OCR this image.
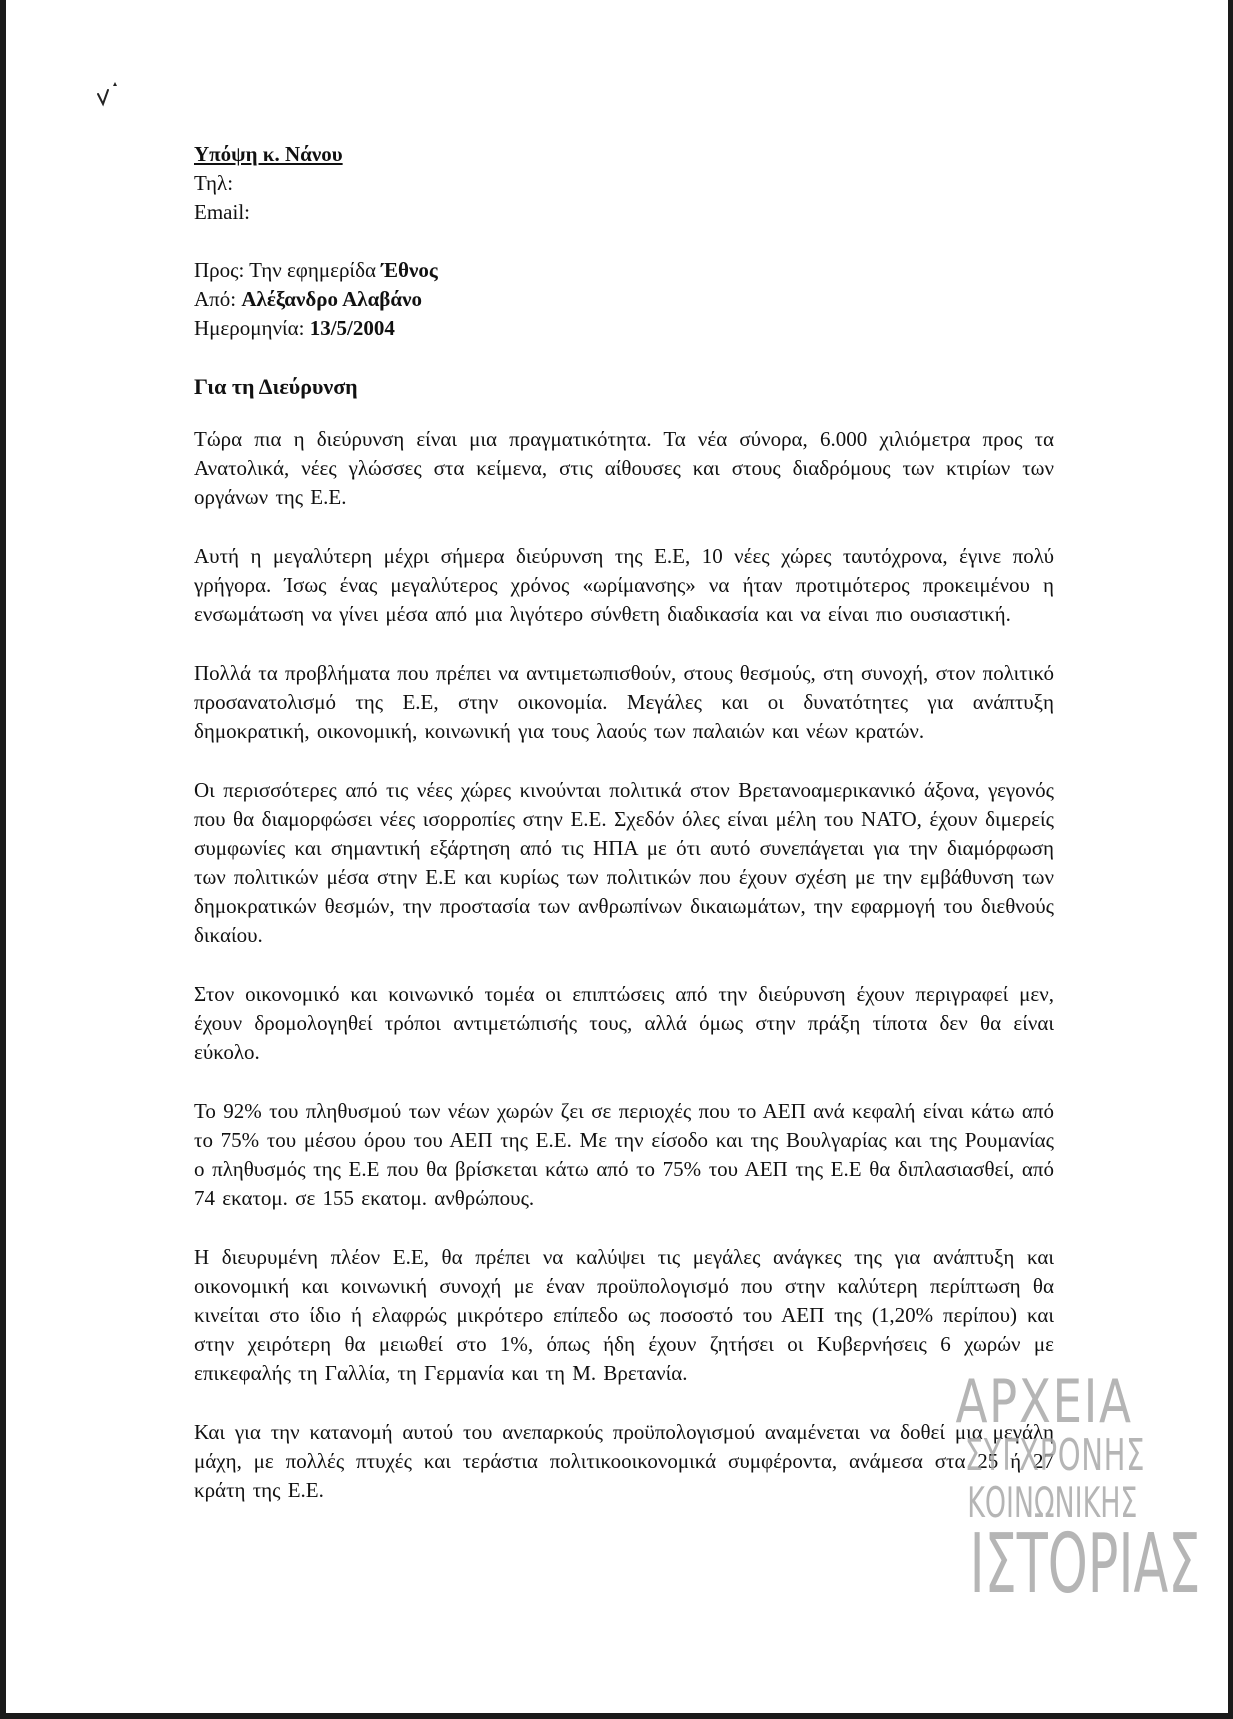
Υπόψη κ. Νάνου
Τηλ:
Email:
Προς: Την εφημερίδα Έθνος
Από: Αλέξανδρο Αλαβάνο
Ημερομηνία: 13/5/2004
Για τη Διεύρυνση

Τώρα πια η διεύρυνση είναι μια πραγματικότητα. Τα νέα σύνορα, 6.000 χιλιόμετρα προς τα Ανατολικά, νέες γλώσσες στα κείμενα, στις αίθουσες και στους διαδρόμους των κτιρίων των οργάνων της Ε.Ε.

Αυτή η μεγαλύτερη μέχρι σήμερα διεύρυνση της Ε.Ε, 10 νέες χώρες ταυτόχρονα, έγινε πολύ γρήγορα. Ίσως ένας μεγαλύτερος χρόνος «ωρίμανσης» να ήταν προτιμότερος προκειμένου η ενσωμάτωση να γίνει μέσα από μια λιγότερο σύνθετη διαδικασία και να είναι πιο ουσιαστική.

Πολλά τα προβλήματα που πρέπει να αντιμετωπισθούν, στους θεσμούς, στη συνοχή, στον πολιτικό προσανατολισμό της Ε.Ε, στην οικονομία. Μεγάλες και οι δυνατότητες για ανάπτυξη δημοκρατική, οικονομική, κοινωνική για τους λαούς των παλαιών και νέων κρατών.

Οι περισσότερες από τις νέες χώρες κινούνται πολιτικά στον Βρετανοαμερικανικό άξονα, γεγονός που θα διαμορφώσει νέες ισορροπίες στην Ε.Ε. Σχεδόν όλες είναι μέλη του ΝΑΤΟ, έχουν διμερείς συμφωνίες και σημαντική εξάρτηση από τις ΗΠΑ με ότι αυτό συνεπάγεται για την διαμόρφωση των πολιτικών μέσα στην Ε.Ε και κυρίως των πολιτικών που έχουν σχέση με την εμβάθυνση των δημοκρατικών θεσμών, την προστασία των ανθρωπίνων δικαιωμάτων, την εφαρμογή του διεθνούς δικαίου.

Στον οικονομικό και κοινωνικό τομέα οι επιπτώσεις από την διεύρυνση έχουν περιγραφεί μεν, έχουν δρομολογηθεί τρόποι αντιμετώπισής τους, αλλά όμως στην πράξη τίποτα δεν θα είναι εύκολο.

Το 92% του πληθυσμού των νέων χωρών ζει σε περιοχές που το ΑΕΠ ανά κεφαλή είναι κάτω από το 75% του μέσου όρου του ΑΕΠ της Ε.Ε. Με την είσοδο και της Βουλγαρίας και της Ρουμανίας ο πληθυσμός της Ε.Ε που θα βρίσκεται κάτω από το 75% του ΑΕΠ της Ε.Ε θα διπλασιασθεί, από 74 εκατομ. σε 155 εκατομ. ανθρώπους.

Η διευρυμένη πλέον Ε.Ε, θα πρέπει να καλύψει τις μεγάλες ανάγκες της για ανάπτυξη και οικονομική και κοινωνική συνοχή με έναν προϋπολογισμό που στην καλύτερη περίπτωση θα κινείται στο ίδιο ή ελαφρώς μικρότερο επίπεδο ως ποσοστό του ΑΕΠ της (1,20% περίπου) και στην χειρότερη θα μειωθεί στο 1%, όπως ήδη έχουν ζητήσει οι Κυβερνήσεις 6 χωρών με επικεφαλής τη Γαλλία, τη Γερμανία και τη Μ. Βρετανία.

Και για την κατανομή αυτού του ανεπαρκούς προϋπολογισμού αναμένεται να δοθεί μια μεγάλη μάχη, με πολλές πτυχές και τεράστια πολιτικοοικονομικά συμφέροντα, ανάμεσα στα 25 ή 27 κράτη της Ε.Ε.

ΑΡΧΕΙΑ
ΣΥΓΧΡΟΝΗΣ
ΚΟΙΝΩΝΙΚΗΣ
ΙΣΤΟΡΙΑΣ
